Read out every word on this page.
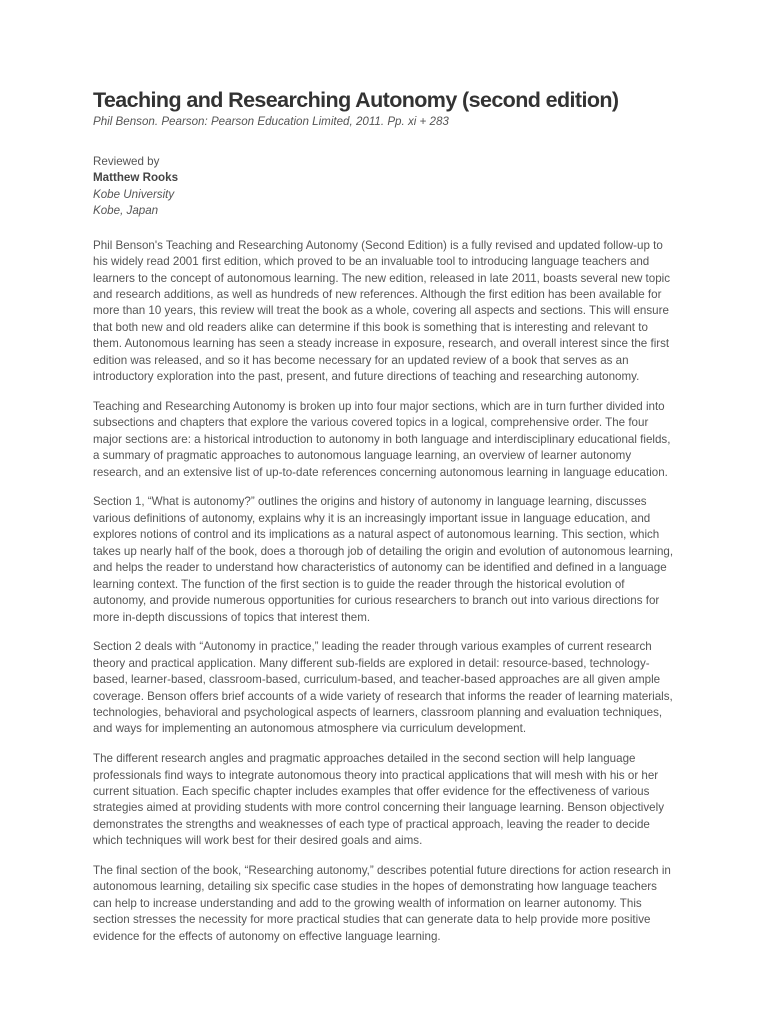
Teaching and Researching Autonomy (second edition)

Phil Benson. Pearson: Pearson Education Limited, 2011. Pp. xi + 283

Reviewed by
Matthew Rooks
Kobe University
Kobe, Japan

Phil Benson's Teaching and Researching Autonomy (Second Edition) is a fully revised and updated follow-up to his widely read 2001 first edition, which proved to be an invaluable tool to introducing language teachers and learners to the concept of autonomous learning. The new edition, released in late 2011, boasts several new topic and research additions, as well as hundreds of new references. Although the first edition has been available for more than 10 years, this review will treat the book as a whole, covering all aspects and sections. This will ensure that both new and old readers alike can determine if this book is something that is interesting and relevant to them. Autonomous learning has seen a steady increase in exposure, research, and overall interest since the first edition was released, and so it has become necessary for an updated review of a book that serves as an introductory exploration into the past, present, and future directions of teaching and researching autonomy.

Teaching and Researching Autonomy is broken up into four major sections, which are in turn further divided into subsections and chapters that explore the various covered topics in a logical, comprehensive order. The four major sections are: a historical introduction to autonomy in both language and interdisciplinary educational fields, a summary of pragmatic approaches to autonomous language learning, an overview of learner autonomy research, and an extensive list of up-to-date references concerning autonomous learning in language education.

Section 1, “What is autonomy?” outlines the origins and history of autonomy in language learning, discusses various definitions of autonomy, explains why it is an increasingly important issue in language education, and explores notions of control and its implications as a natural aspect of autonomous learning. This section, which takes up nearly half of the book, does a thorough job of detailing the origin and evolution of autonomous learning, and helps the reader to understand how characteristics of autonomy can be identified and defined in a language learning context. The function of the first section is to guide the reader through the historical evolution of autonomy, and provide numerous opportunities for curious researchers to branch out into various directions for more in-depth discussions of topics that interest them.

Section 2 deals with “Autonomy in practice,” leading the reader through various examples of current research theory and practical application. Many different sub-fields are explored in detail: resource-based, technology-based, learner-based, classroom-based, curriculum-based, and teacher-based approaches are all given ample coverage. Benson offers brief accounts of a wide variety of research that informs the reader of learning materials, technologies, behavioral and psychological aspects of learners, classroom planning and evaluation techniques, and ways for implementing an autonomous atmosphere via curriculum development.

The different research angles and pragmatic approaches detailed in the second section will help language professionals find ways to integrate autonomous theory into practical applications that will mesh with his or her current situation. Each specific chapter includes examples that offer evidence for the effectiveness of various strategies aimed at providing students with more control concerning their language learning. Benson objectively demonstrates the strengths and weaknesses of each type of practical approach, leaving the reader to decide which techniques will work best for their desired goals and aims.

The final section of the book, “Researching autonomy,” describes potential future directions for action research in autonomous learning, detailing six specific case studies in the hopes of demonstrating how language teachers can help to increase understanding and add to the growing wealth of information on learner autonomy. This section stresses the necessity for more practical studies that can generate data to help provide more positive evidence for the effects of autonomy on effective language learning.
